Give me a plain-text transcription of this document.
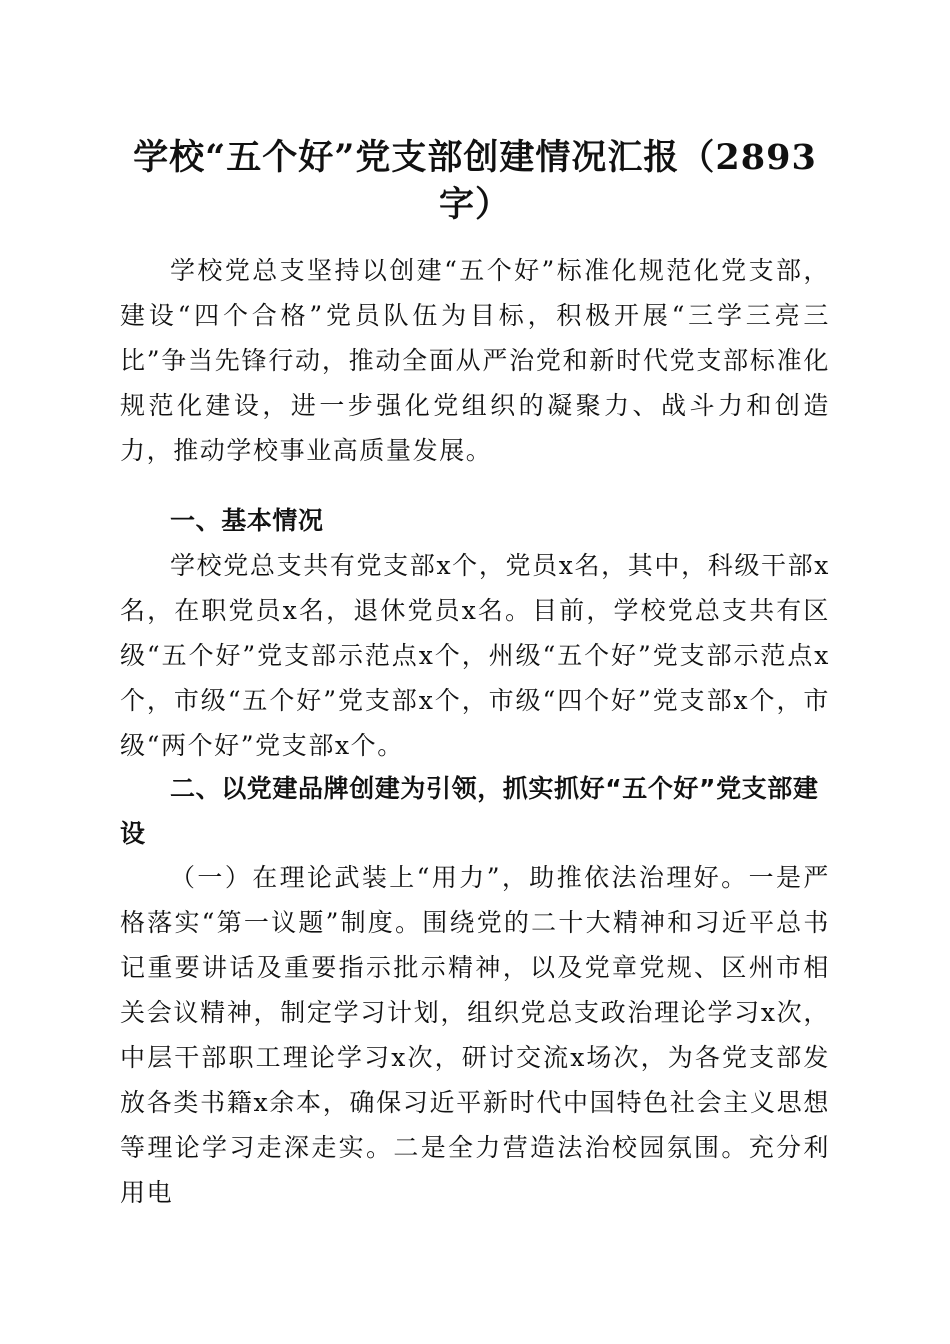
学校“五个好”党支部创建情况汇报（2893字）

学校党总支坚持以创建“五个好”标准化规范化党支部，建设“四个合格”党员队伍为目标，积极开展“三学三亮三比”争当先锋行动，推动全面从严治党和新时代党支部标准化规范化建设，进一步强化党组织的凝聚力、战斗力和创造力，推动学校事业高质量发展。

一、基本情况

学校党总支共有党支部x个，党员x名，其中，科级干部x名，在职党员x名，退休党员x名。目前，学校党总支共有区级“五个好”党支部示范点x个，州级“五个好”党支部示范点x个，市级“五个好”党支部x个，市级“四个好”党支部x个，市级“两个好”党支部x个。

二、以党建品牌创建为引领，抓实抓好“五个好”党支部建设

（一）在理论武装上“用力”，助推依法治理好。一是严格落实“第一议题”制度。围绕党的二十大精神和习近平总书记重要讲话及重要指示批示精神，以及党章党规、区州市相关会议精神，制定学习计划，组织党总支政治理论学习x次，中层干部职工理论学习x次，研讨交流x场次，为各党支部发放各类书籍x余本，确保习近平新时代中国特色社会主义思想等理论学习走深走实。二是全力营造法治校园氛围。充分利用电
